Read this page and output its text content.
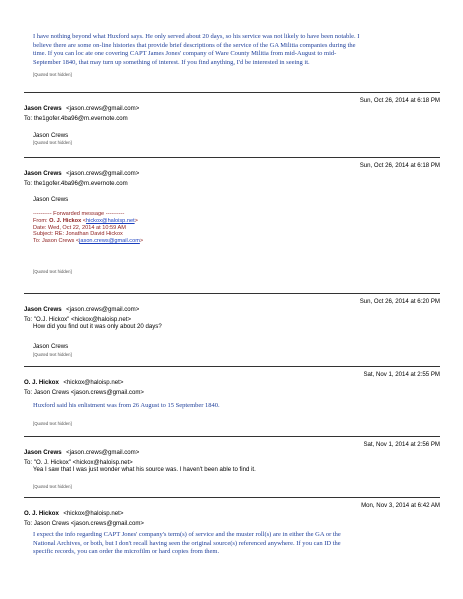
I have nothing beyond what Huxford says. He only served about 20 days, so his service was not likely to have been notable. I
believe there are some on-line histories that provide brief descriptions of the service of the GA Militia companies during the
time. If you can loc ate one covering CAPT James Jones' company of Ware County Militia from mid-August to mid-
September 1840, that may turn up something of interest. If you find anything, I'd be interested in seeing it.
[Quoted text hidden]
Jason Crews <jason.crews@gmail.com>
Sun, Oct 26, 2014 at 6:18 PM
To: the1gofer.4ba96@m.evernote.com
Jason Crews
[Quoted text hidden]
Jason Crews <jason.crews@gmail.com>
Sun, Oct 26, 2014 at 6:18 PM
To: the1gofer.4ba96@m.evernote.com
Jason Crews
---------- Forwarded message ----------
From: O. J. Hickox <hickox@haloisp.net>
Date: Wed, Oct 22, 2014 at 10:59 AM
Subject: RE: Jonathan David Hickox
To: Jason Crews <jason.crews@gmail.com>
[Quoted text hidden]
Jason Crews <jason.crews@gmail.com>
Sun, Oct 26, 2014 at 6:20 PM
To: "O.J. Hickox" <hickox@haloisp.net>
How did you find out it was only about 20 days?
Jason Crews
[Quoted text hidden]
O. J. Hickox <hickox@haloisp.net>
Sat, Nov 1, 2014 at 2:55 PM
To: Jason Crews <jason.crews@gmail.com>
Huxford said his enlistment was from 26 August to 15 September 1840.
[Quoted text hidden]
Jason Crews <jason.crews@gmail.com>
Sat, Nov 1, 2014 at 2:56 PM
To: "O. J. Hickox" <hickox@haloisp.net>
Yea I saw that I was just wonder what his source was. I haven't been able to find it.
[Quoted text hidden]
O. J. Hickox <hickox@haloisp.net>
Mon, Nov 3, 2014 at 6:42 AM
To: Jason Crews <jason.crews@gmail.com>
I expect the info regarding CAPT Jones' company's term(s) of service and the muster roll(s) are in either the GA or the
National Archives, or both, but I don't recall having seen the original source(s) referenced anywhere. If you can ID the
specific records, you can order the microfilm or hard copies from them.
